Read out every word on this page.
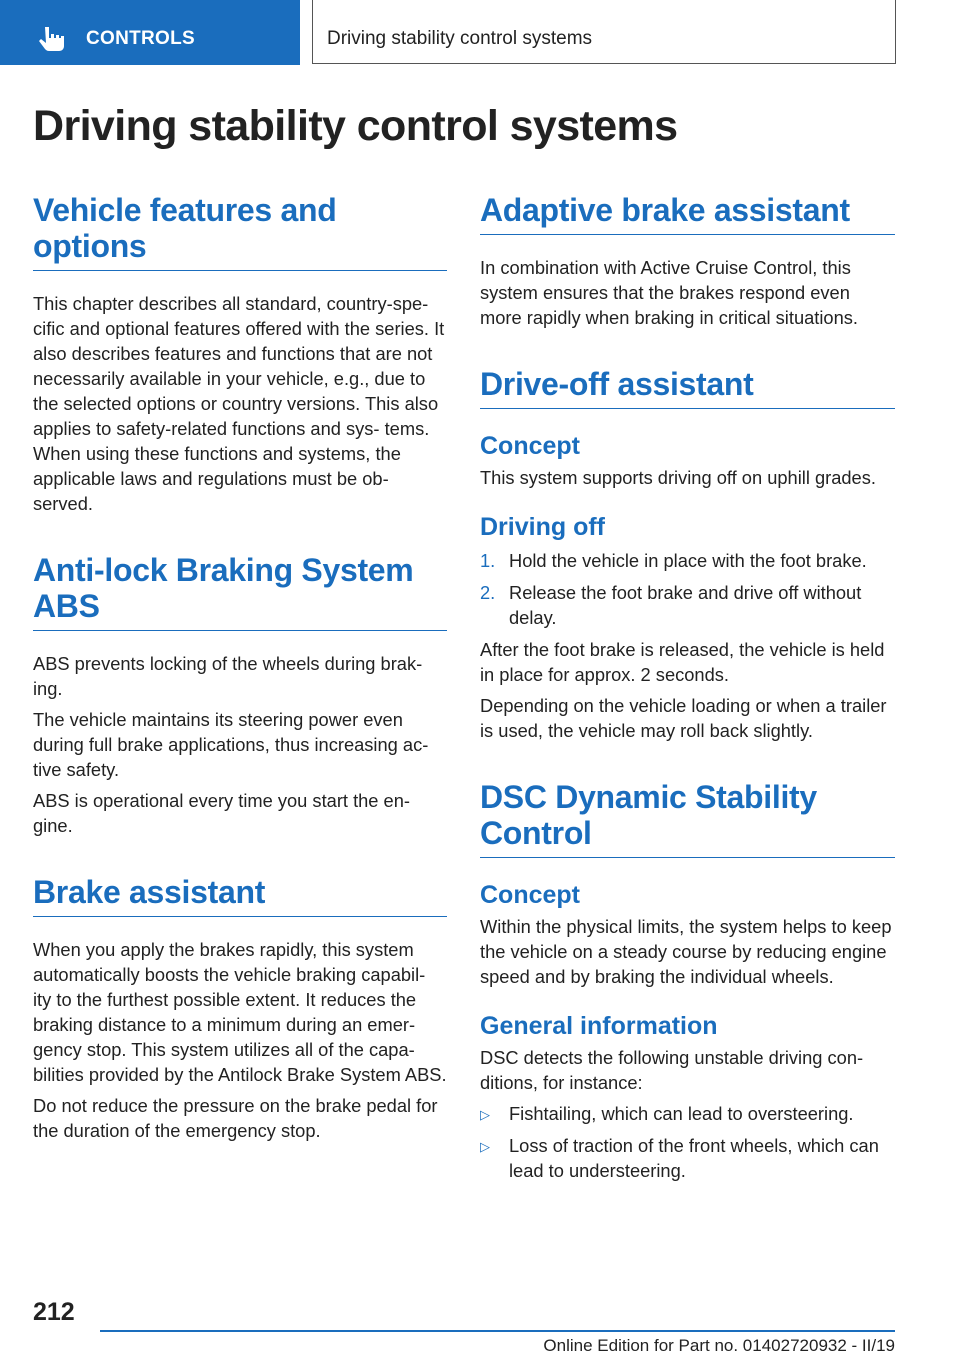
CONTROLS	Driving stability control systems
Driving stability control systems
Vehicle features and options

This chapter describes all standard, country-spe- cific and optional features offered with the series. It also describes features and functions that are not necessarily available in your vehicle, e.g., due to the selected options or country versions. This also applies to safety-related functions and sys- tems. When using these functions and systems, the applicable laws and regulations must be ob- served.

Anti-lock Braking System ABS

ABS prevents locking of the wheels during brak- ing.

The vehicle maintains its steering power even during full brake applications, thus increasing ac- tive safety.

ABS is operational every time you start the en- gine.

Brake assistant

When you apply the brakes rapidly, this system automatically boosts the vehicle braking capabil- ity to the furthest possible extent. It reduces the braking distance to a minimum during an emer- gency stop. This system utilizes all of the capa- bilities provided by the Antilock Brake System ABS.

Do not reduce the pressure on the brake pedal for the duration of the emergency stop.

Adaptive brake assistant

In combination with Active Cruise Control, this system ensures that the brakes respond even more rapidly when braking in critical situations.

Drive-off assistant
Concept

This system supports driving off on uphill grades.

Driving off
1. Hold the vehicle in place with the foot brake.
2. Release the foot brake and drive off without delay.

After the foot brake is released, the vehicle is held in place for approx. 2 seconds.

Depending on the vehicle loading or when a trailer is used, the vehicle may roll back slightly.

DSC Dynamic Stability Control
Concept

Within the physical limits, the system helps to keep the vehicle on a steady course by reducing engine speed and by braking the individual wheels.

General information

DSC detects the following unstable driving con- ditions, for instance:

▷ Fishtailing, which can lead to oversteering.
▷ Loss of traction of the front wheels, which can lead to understeering.
212
Online Edition for Part no. 01402720932 - II/19
